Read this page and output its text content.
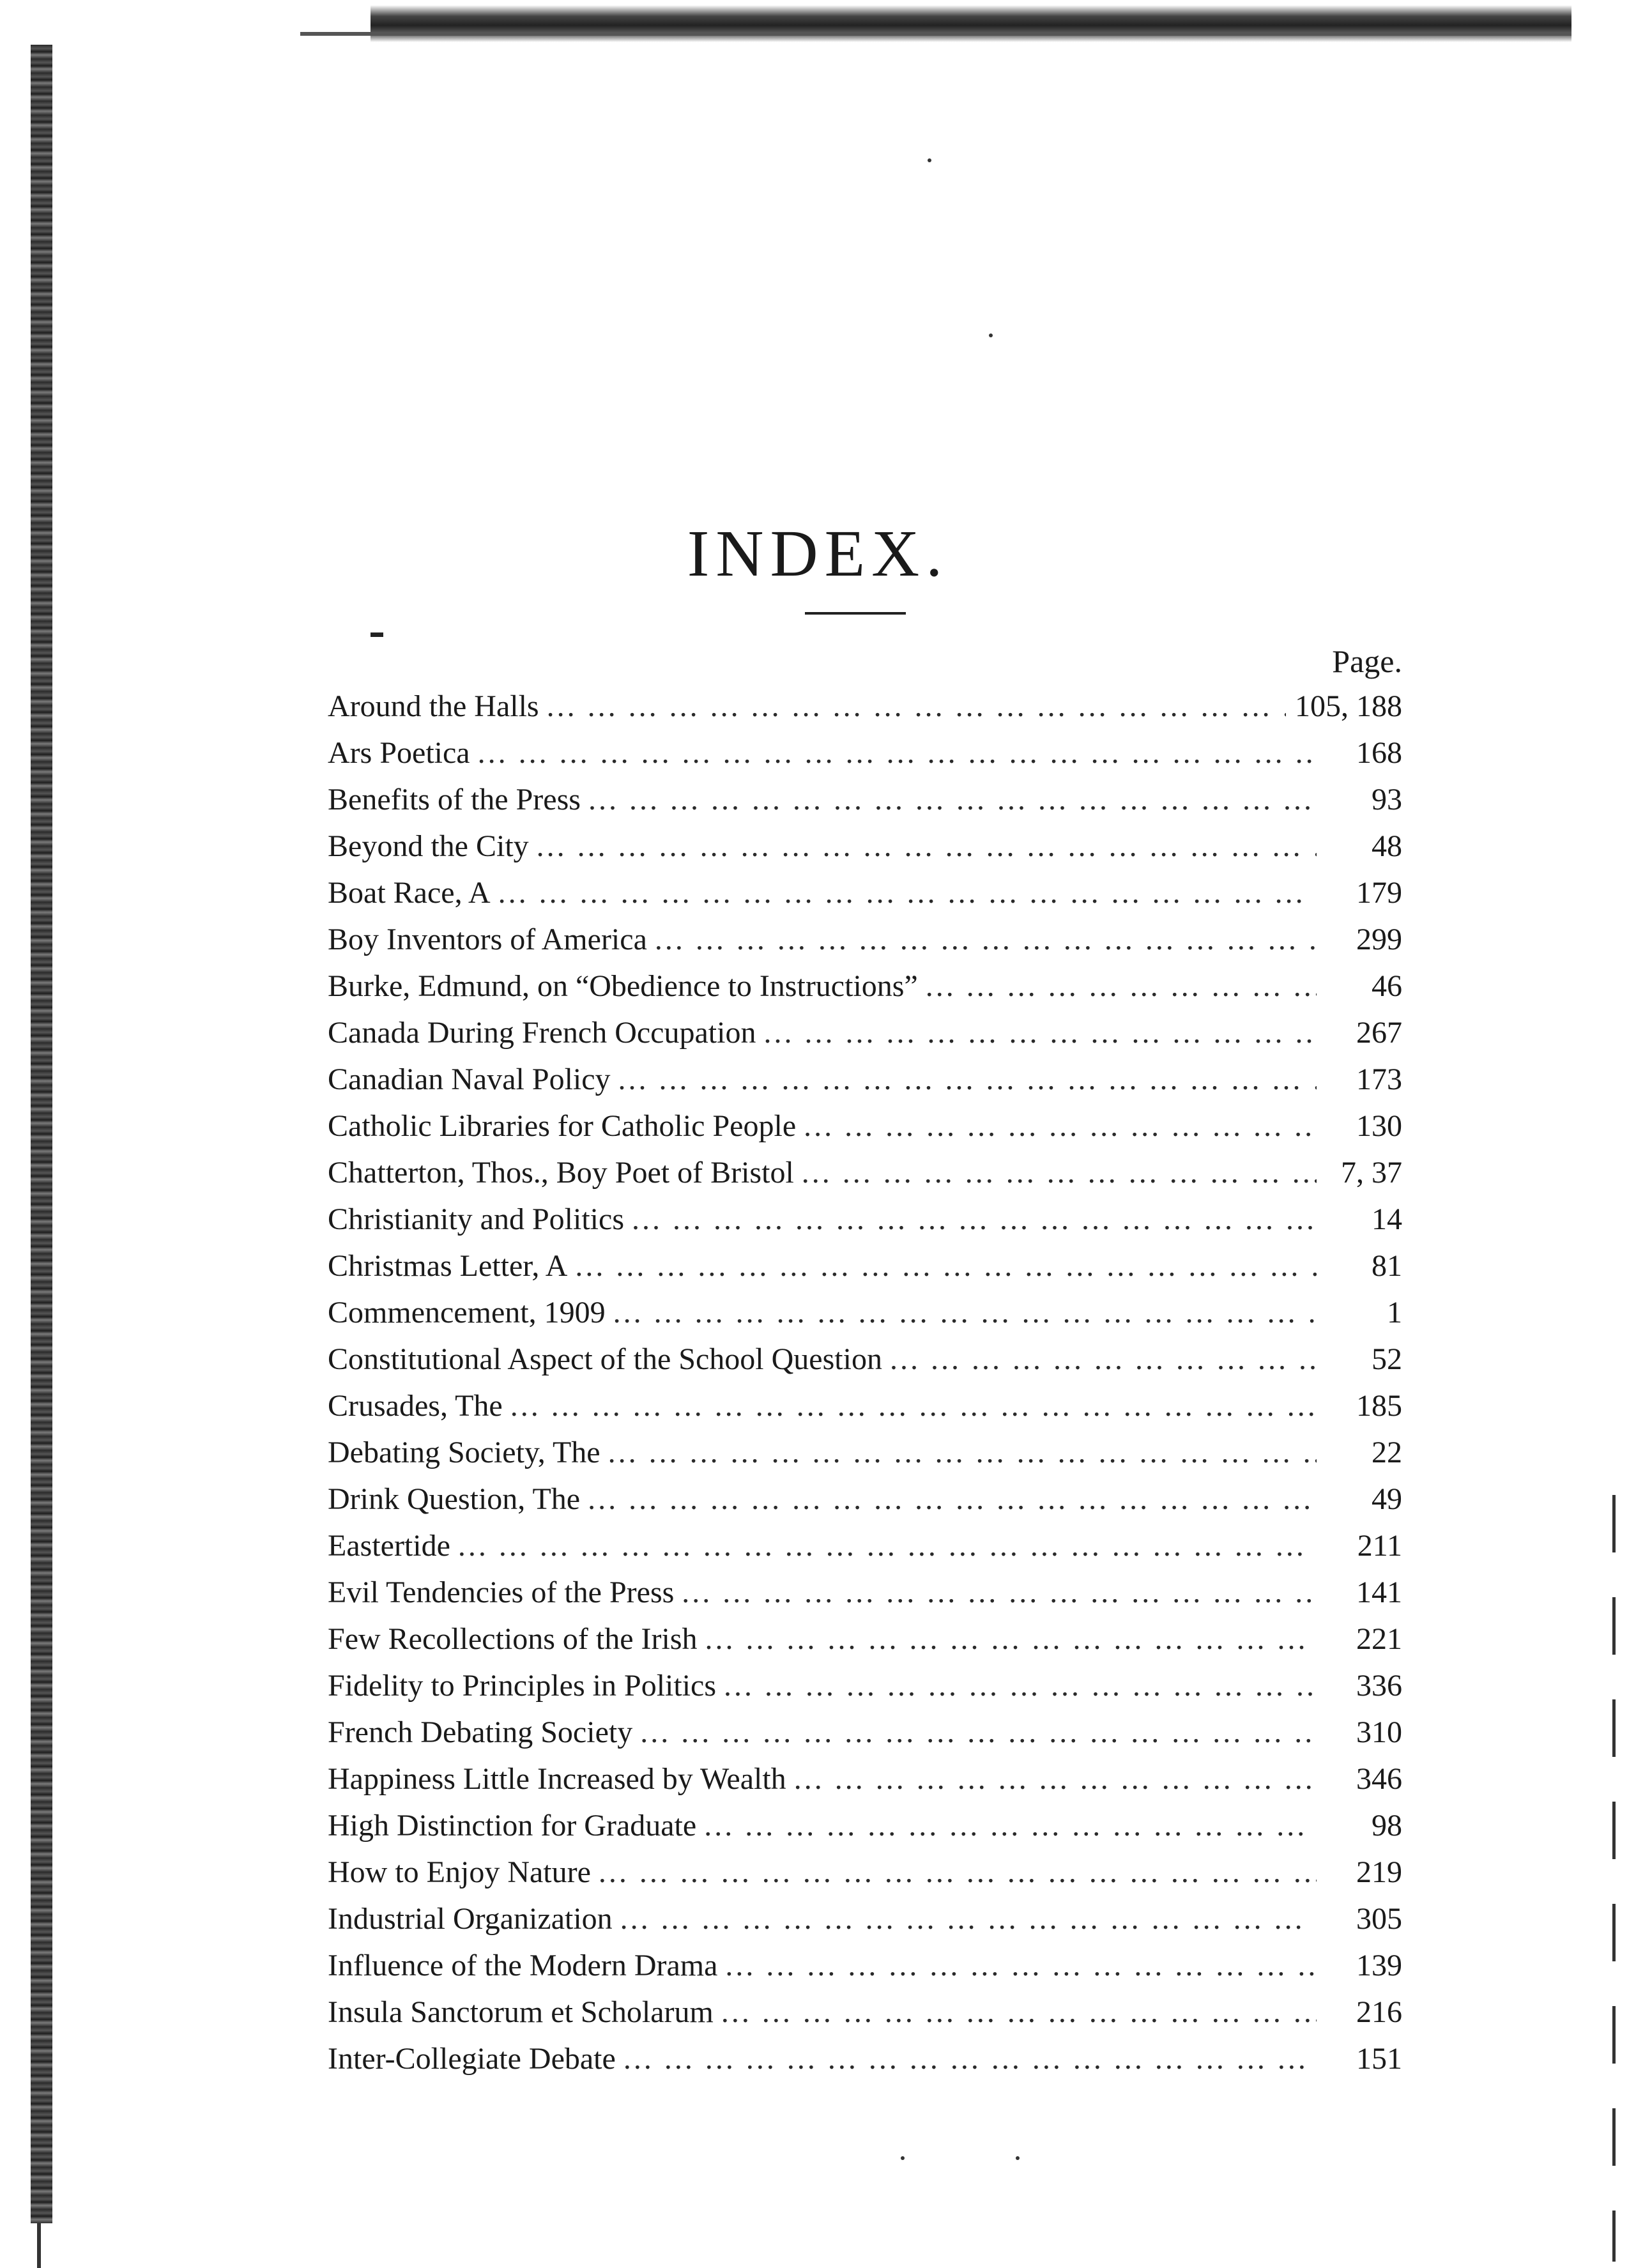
INDEX.
Page.
Around the Halls ... .	105, 188
Ars Poetica ... .	168
Benefits of the Press ... .	93
Beyond the City ... .	48
Boat Race, A ... .	179
Boy Inventors of America ... .	299
Burke, Edmund, on “Obedience to Instructions” ... .	46
Canada During French Occupation ... .	267
Canadian Naval Policy ... .	173
Catholic Libraries for Catholic People ... .	130
Chatterton, Thos., Boy Poet of Bristol ... .	7, 37
Christianity and Politics ... .	14
Christmas Letter, A ... .	81
Commencement, 1909 ... .	1
Constitutional Aspect of the School Question ... .	52
Crusades, The ... .	185
Debating Society, The ... .	22
Drink Question, The ... .	49
Eastertide ... .	211
Evil Tendencies of the Press ... .	141
Few Recollections of the Irish ... .	221
Fidelity to Principles in Politics ... .	336
French Debating Society ... .	310
Happiness Little Increased by Wealth ... .	346
High Distinction for Graduate ... .	98
How to Enjoy Nature ... .	219
Industrial Organization ... .	305
Influence of the Modern Drama ... .	139
Insula Sanctorum et Scholarum ... .	216
Inter-Collegiate Debate ... .	151
